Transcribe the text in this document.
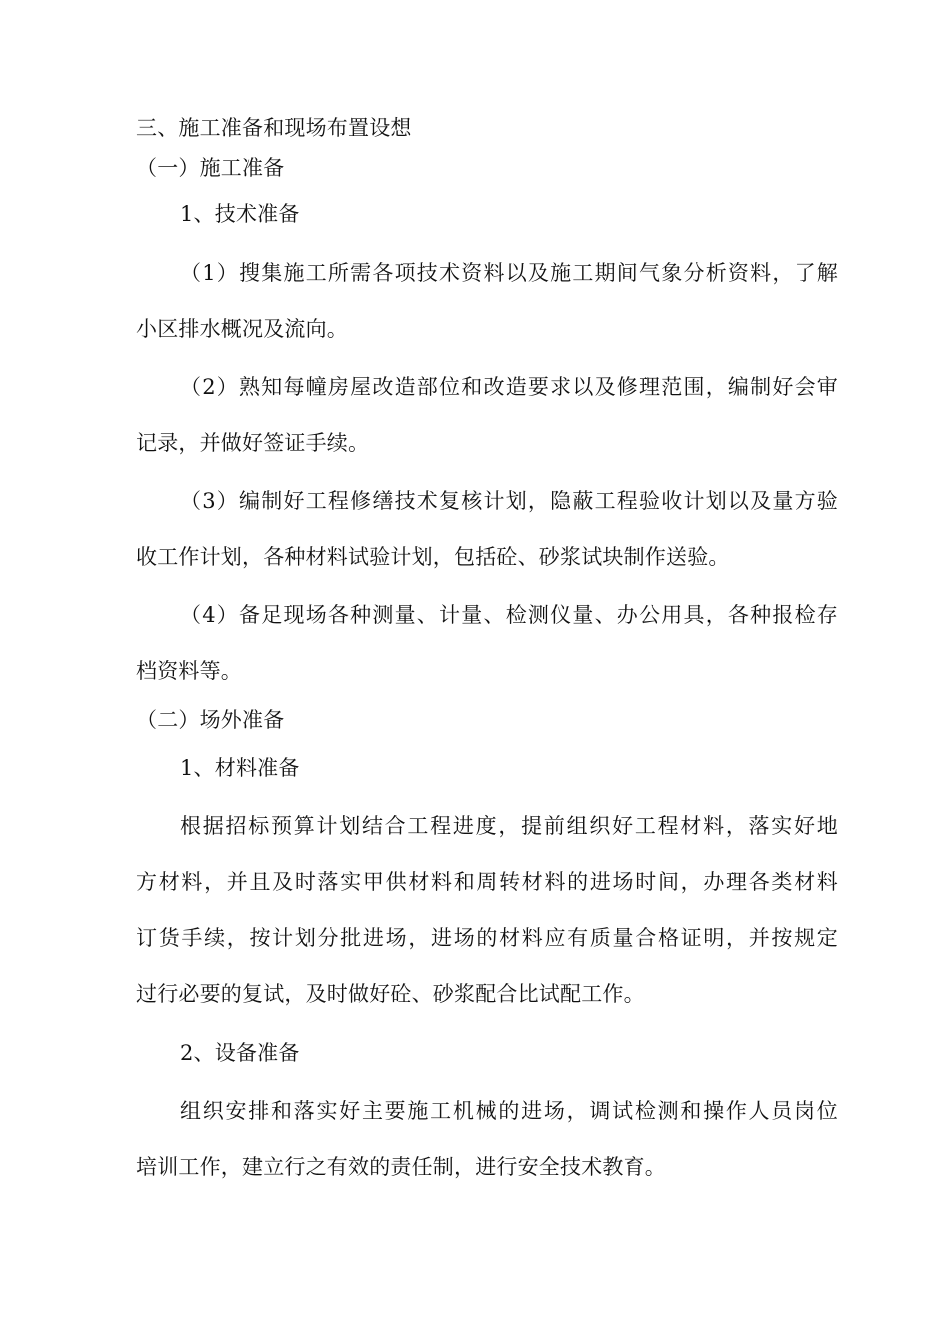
三、施工准备和现场布置设想
（一）施工准备
1、技术准备
（1）搜集施工所需各项技术资料以及施工期间气象分析资料，了解
小区排水概况及流向。
（2）熟知每幢房屋改造部位和改造要求以及修理范围，编制好会审
记录，并做好签证手续。
（3）编制好工程修缮技术复核计划，隐蔽工程验收计划以及量方验
收工作计划，各种材料试验计划，包括砼、砂浆试块制作送验。
（4）备足现场各种测量、计量、检测仪量、办公用具，各种报检存
档资料等。
（二）场外准备
1、材料准备
根据招标预算计划结合工程进度，提前组织好工程材料，落实好地
方材料，并且及时落实甲供材料和周转材料的进场时间，办理各类材料
订货手续，按计划分批进场，进场的材料应有质量合格证明，并按规定
过行必要的复试，及时做好砼、砂浆配合比试配工作。
2、设备准备
组织安排和落实好主要施工机械的进场，调试检测和操作人员岗位
培训工作，建立行之有效的责任制，进行安全技术教育。
